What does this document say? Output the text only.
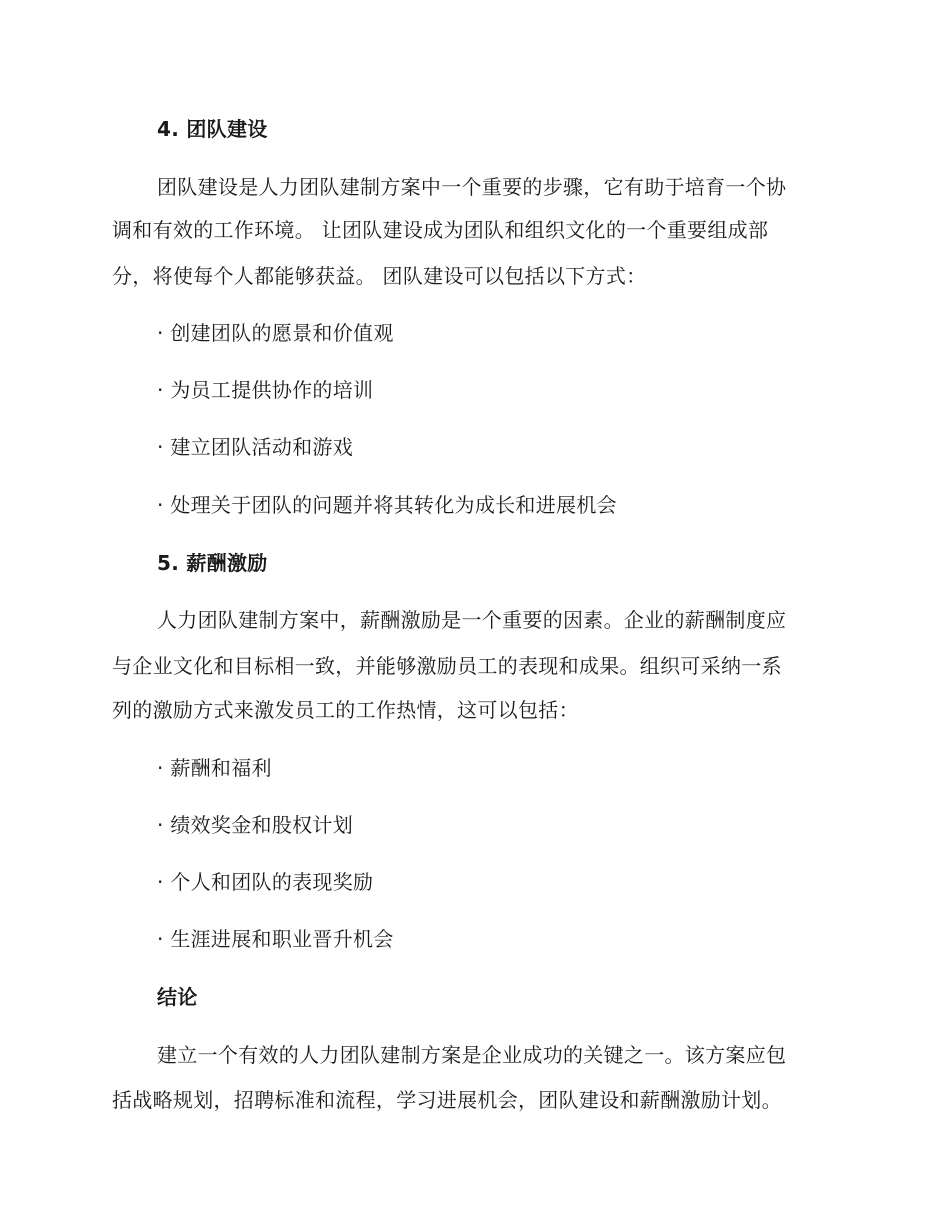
4. 团队建设
团队建设是人力团队建制方案中一个重要的步骤，它有助于培育一个协
调和有效的工作环境。 让团队建设成为团队和组织文化的一个重要组成部
分，将使每个人都能够获益。 团队建设可以包括以下方式：
· 创建团队的愿景和价值观
· 为员工提供协作的培训
· 建立团队活动和游戏
· 处理关于团队的问题并将其转化为成长和进展机会
5. 薪酬激励
人力团队建制方案中，薪酬激励是一个重要的因素。企业的薪酬制度应
与企业文化和目标相一致，并能够激励员工的表现和成果。组织可采纳一系
列的激励方式来激发员工的工作热情，这可以包括：
· 薪酬和福利
· 绩效奖金和股权计划
· 个人和团队的表现奖励
· 生涯进展和职业晋升机会
结论
建立一个有效的人力团队建制方案是企业成功的关键之一。该方案应包
括战略规划，招聘标准和流程，学习进展机会，团队建设和薪酬激励计划。
